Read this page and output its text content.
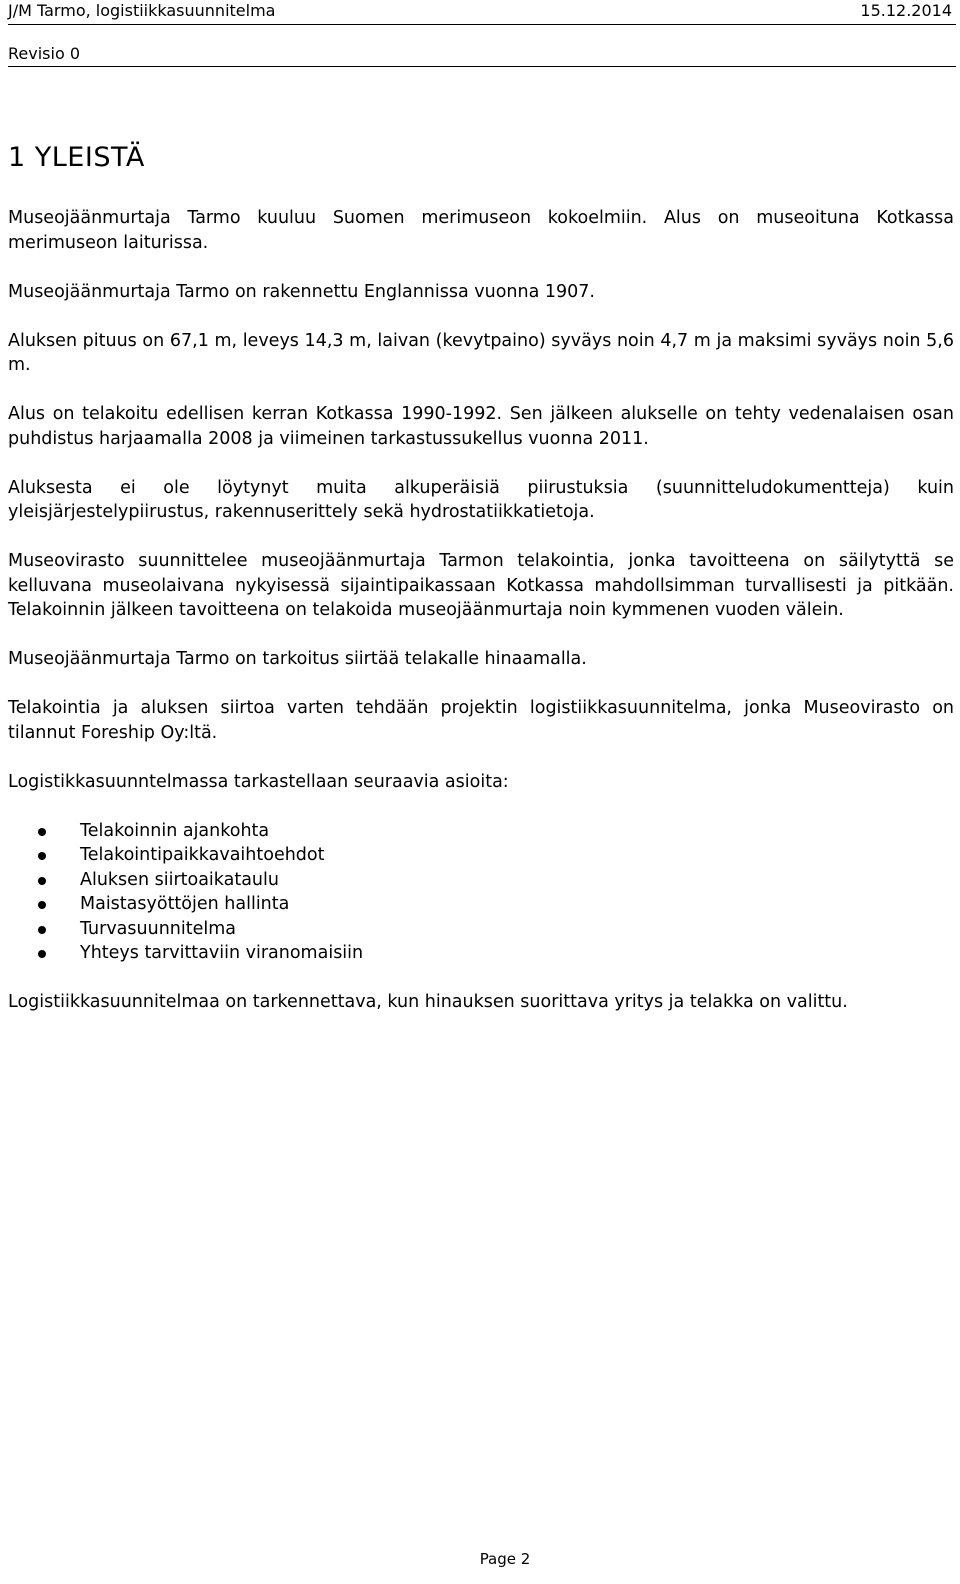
J/M Tarmo, logistiikkasuunnitelma	15.12.2014
Revisio 0
1 YLEISTÄ

Museojäänmurtaja Tarmo kuuluu Suomen merimuseon kokoelmiin. Alus on museoituna Kotkassa merimuseon laiturissa.

Museojäänmurtaja Tarmo on rakennettu Englannissa vuonna 1907.

Aluksen pituus on 67,1 m, leveys 14,3 m, laivan (kevytpaino) syväys noin 4,7 m ja maksimi syväys noin 5,6 m.

Alus on telakoitu edellisen kerran Kotkassa 1990-1992. Sen jälkeen alukselle on tehty vedenalaisen osan puhdistus harjaamalla 2008 ja viimeinen tarkastussukellus vuonna 2011.

Aluksesta ei ole löytynyt muita alkuperäisiä piirustuksia (suunnitteludokumentteja) kuin yleisjärjestelypiirustus, rakennuserittely sekä hydrostatiikkatietoja.

Museovirasto suunnittelee museojäänmurtaja Tarmon telakointia, jonka tavoitteena on säilytyttä se kelluvana museolaivana nykyisessä sijaintipaikassaan Kotkassa mahdollsimman turvallisesti ja pitkään. Telakoinnin jälkeen tavoitteena on telakoida museojäänmurtaja noin kymmenen vuoden välein.

Museojäänmurtaja Tarmo on tarkoitus siirtää telakalle hinaamalla.

Telakointia ja aluksen siirtoa varten tehdään projektin logistiikkasuunnitelma, jonka Museovirasto on tilannut Foreship Oy:ltä.

Logistikkasuunntelmassa tarkastellaan seuraavia asioita:

Telakoinnin ajankohta
Telakointipaikkavaihtoehdot
Aluksen siirtoaikataulu
Maistasyöttöjen hallinta
Turvasuunnitelma
Yhteys tarvittaviin viranomaisiin

Logistiikkasuunnitelmaa on tarkennettava, kun hinauksen suorittava yritys ja telakka on valittu.

Page 2
